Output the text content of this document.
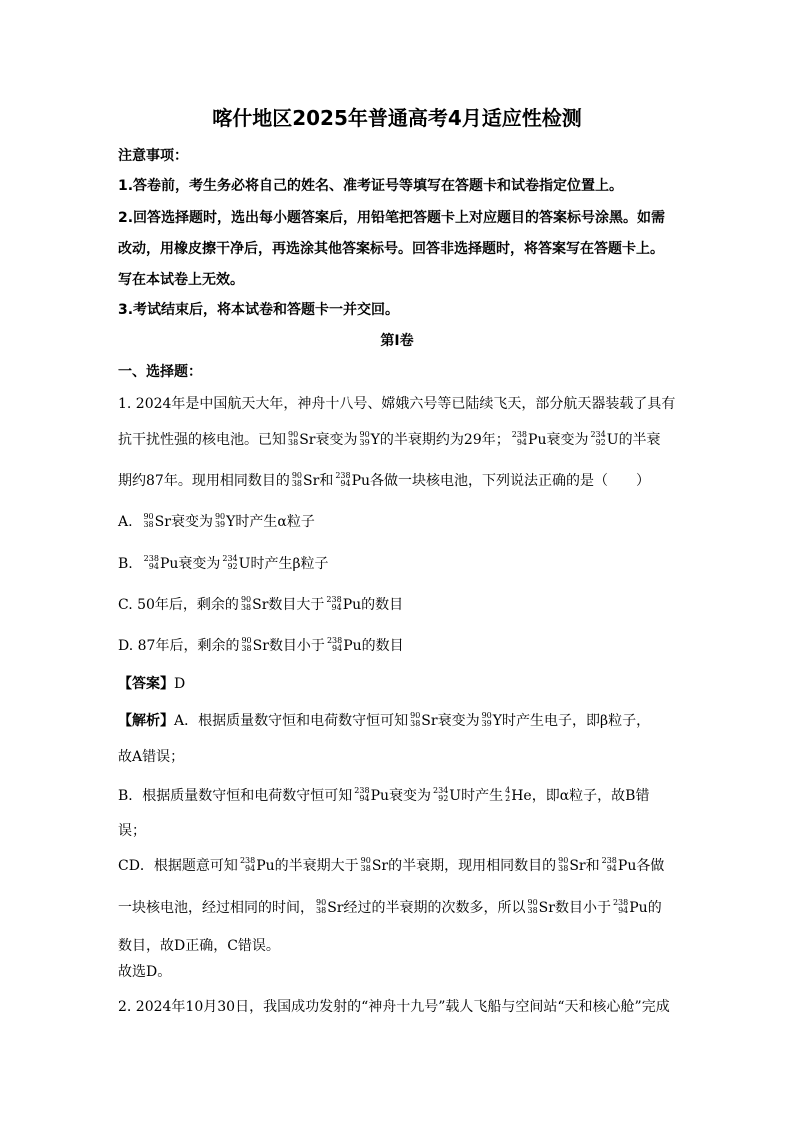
喀什地区2025年普通高考4月适应性检测
注意事项：
1.答卷前，考生务必将自己的姓名、准考证号等填写在答题卡和试卷指定位置上。
2.回答选择题时，选出每小题答案后，用铅笔把答题卡上对应题目的答案标号涂黑。如需
改动，用橡皮擦干净后，再选涂其他答案标号。回答非选择题时，将答案写在答题卡上。
写在本试卷上无效。
3.考试结束后，将本试卷和答题卡一并交回。
第Ⅰ卷
一、选择题：
1. 2024年是中国航天大年，神舟十八号、嫦娥六号等已陆续飞天，部分航天器装载了具有
抗干扰性强的核电池。已知 90
38 Sr衰变为 90
39 Y的半衰期约为29年； 238
94 Pu衰变为 234
92 U的半衰
期约87年。现用相同数目的 90
38 Sr和 238
94 Pu各做一块核电池，下列说法正确的是（　　）
A. 90
38 Sr衰变为 90
39 Y时产生α粒子
B. 238
94 Pu衰变为 234
92 U时产生β粒子
C. 50年后，剩余的 90
38 Sr数目大于 238
94 Pu的数目
D. 87年后，剩余的 90
38 Sr数目小于 238
94 Pu的数目
【答案】D
【解析】A．根据质量数守恒和电荷数守恒可知 90
38 Sr衰变为 90
39 Y时产生电子，即β粒子，
故A错误；
B．根据质量数守恒和电荷数守恒可知 238
94 Pu衰变为 234
92 U时产生 4
2 He，即α粒子，故B错
误；
CD．根据题意可知 238
94 Pu的半衰期大于 90
38 Sr的半衰期，现用相同数目的 90
38 Sr和 238
94 Pu各做
一块核电池，经过相同的时间， 90
38 Sr经过的半衰期的次数多，所以 90
38 Sr数目小于 238
94 Pu的
数目，故D正确，C错误。
故选D。
2. 2024年10月30日，我国成功发射的“神舟十九号”载人飞船与空间站“天和核心舱”完成
